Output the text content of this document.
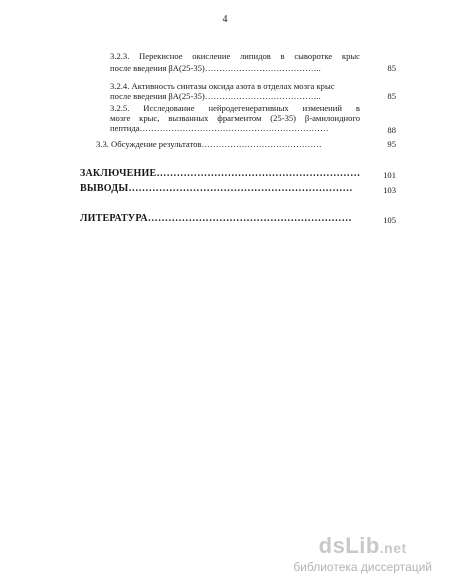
4
3.2.3. Перекисное окисление липидов в сыворотке крыс
после введения βA(25-35)…………………………………..	85
3.2.4. Активность синтазы оксида азота в отделах мозга крыс
после введения βA(25-35)…………………………………..	85
3.2.5. Исследование нейродегенеративных изменений в
мозге крыс, вызванных фрагментом (25-35) β-амилоидного
пептида…………………………………………………………	88
3.3. Обсуждение результатов……………………………………	95
ЗАКЛЮЧЕНИЕ……………………………………………………	101
ВЫВОДЫ…………………………………………………………	103
ЛИТЕРАТУРА……………………………………………………	105
dsLib.net
библиотека диссертаций
